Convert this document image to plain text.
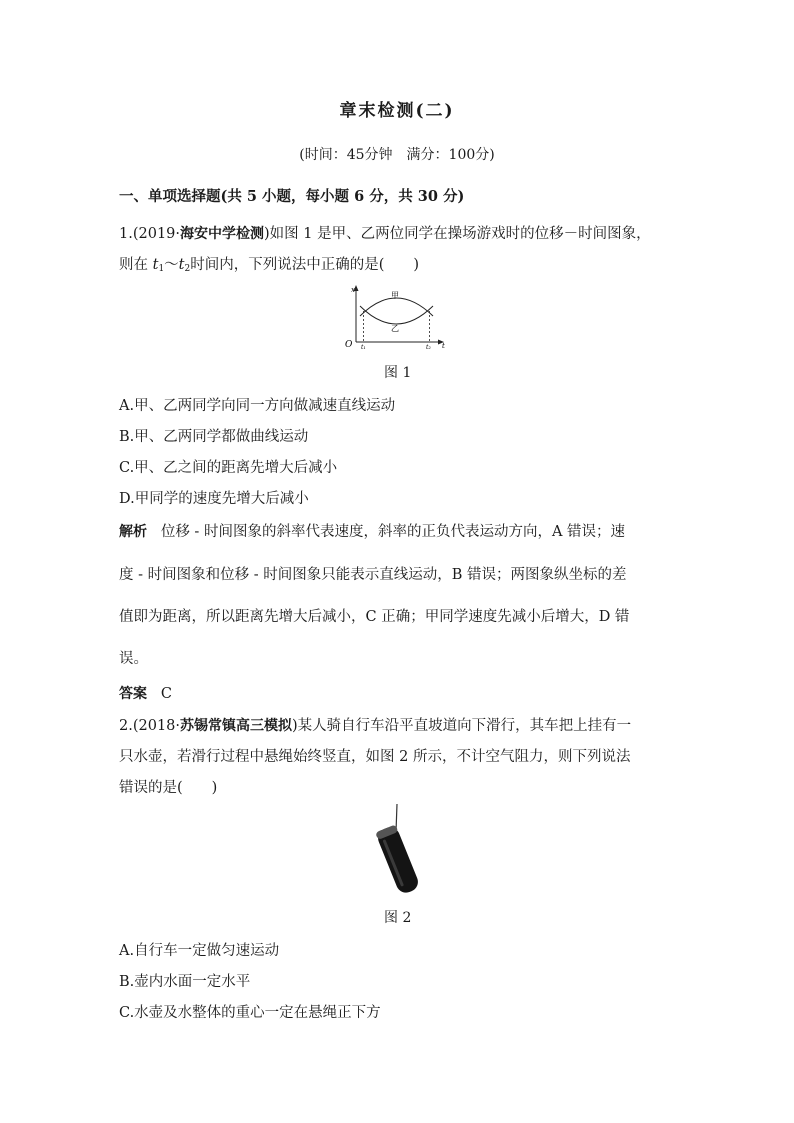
章末检测(二)
(时间：45分钟　满分：100分)
一、单项选择题(共 5 小题，每小题 6 分，共 30 分)
1.(2019·海安中学检测)如图 1 是甲、乙两位同学在操场游戏时的位移－时间图象，
则在 $t_1\sim t_2$时间内，下列说法中正确的是(　　)
x
t
O t₁	t₂
甲
乙
图 1
A.甲、乙两同学向同一方向做减速直线运动
B.甲、乙两同学都做曲线运动
C.甲、乙之间的距离先增大后减小
D.甲同学的速度先增大后减小
解析 位移 - 时间图象的斜率代表速度，斜率的正负代表运动方向，A 错误；速
度 - 时间图象和位移 - 时间图象只能表示直线运动，B 错误；两图象纵坐标的差
值即为距离，所以距离先增大后减小，C 正确；甲同学速度先减小后增大，D 错
误。
答案 C
2.(2018·苏锡常镇高三模拟)某人骑自行车沿平直坡道向下滑行，其车把上挂有一
只水壶，若滑行过程中悬绳始终竖直，如图 2 所示，不计空气阻力，则下列说法
错误的是(　　)
图 2
A.自行车一定做匀速运动
B.壶内水面一定水平
C.水壶及水整体的重心一定在悬绳正下方
